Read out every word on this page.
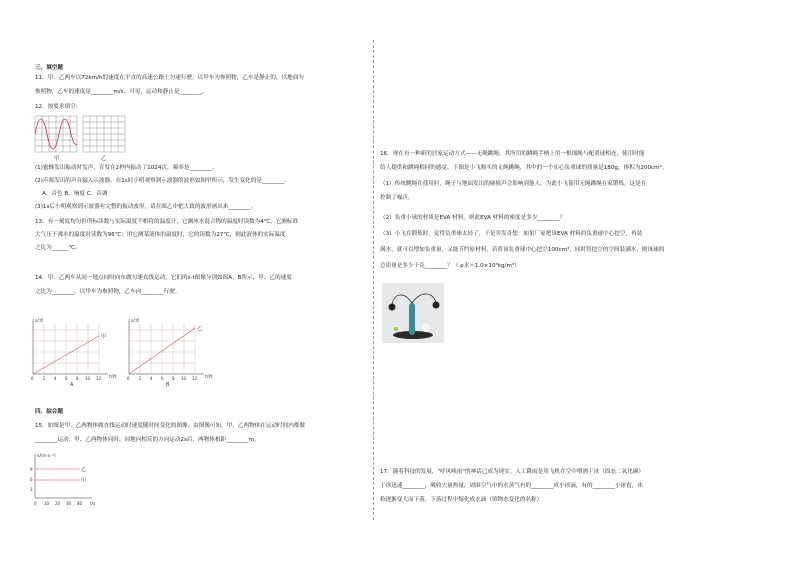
三、填空题
11．甲、乙两车以72km/h的速度在平直的高速公路上匀速行驶，以甲车为参照物，乙车是静止的，以地面为
参照物，乙车的速度是________m/s，可见，运动和静止是________。
12．按要求填空：
甲	乙
(1)蜜蜂发出振动时发声，育发在2秒内振动了1024次，频率是________。
(2)声源发出的声音输入示波器，在1s时小明观察到示波器的波形如图甲所示，发生变化的是________。
A、音色 B、响度 C、音调
(3)1s后小明观察到示波器有完整的振动波形，请在图乙中把大致的波形画出来________。
13．有一刻度均匀但所标读数与实际温度不相符的温度计，它测冰水混合物的温度时读数为4℃，它测标准
大气压下沸水的温度时读数为96℃；用它测某液体的温度时，它的读数为27℃，则此液体的实际温度
之比为______℃。
14．甲、乙两车从同一地点同时向东做匀速直线运动，它们的s-t图像分别如图A，B所示，甲、乙的速度
之比为________，以甲车为参照物，乙车向________行驶。
s/米
t/秒
甲
0 2 4 6 8 10 12
A
s/米
t/秒
乙
0 2 4 6 8 10 12
B
四、综合题
15．如图是甲、乙两物体做直线运动时速度随时间变化的图像，由图像可知，甲、乙两物体在运动时间内都做
________运动；甲、乙两物体同时、同地向相反的方向运动2s后，两物体相距________m。
v/(m·s⁻¹)
t/s
乙
甲
9
6
3
0 10 20 30 40
16．现在有一种新的居家运动方式——无绳跳绳，其所用的跳绳手柄上用一根细绳与配重球相连，使用时能
给人提供和跳绳相同的感觉。下图是小飞购买的无绳跳绳，其中的一个实心负重球的质量是180g，体积为200cm³。
（1）传统跳绳在使用时，绳子与地面发出的碰撞声会影响到他人，为此小飞使用无绳跳绳在家锻炼，这是在
控制了噪声。
（2）负重小球的材质是EVA 材料，则此EVA 材料的密度是多少________？
（3）小飞在锻炼时，觉得负重球太轻了，于是突发奇想：如果厂家把该EVA 材料的负重球中心挖空，再装
满水，就可以增加负重量，又能节约原材料，若将该负重球中心挖空100cm³，同时将挖空的空间装满水，则该球的
总质量是多少千克________？（ ρ水＝1.0×10³kg/m³）
17．随着科技的发展，"呼风唤雨"的神话已成为现实。人工降雨是用飞机在空中喷洒干冰（固态二氧化碳）
干冰迅速________，吸收大量热量，周围空气中的水蒸气有的________成小冰滴，有的________小冰雹，冰
粒逐渐变大而下落，下落过程中熔化成水滴（填物态变化的名称）
